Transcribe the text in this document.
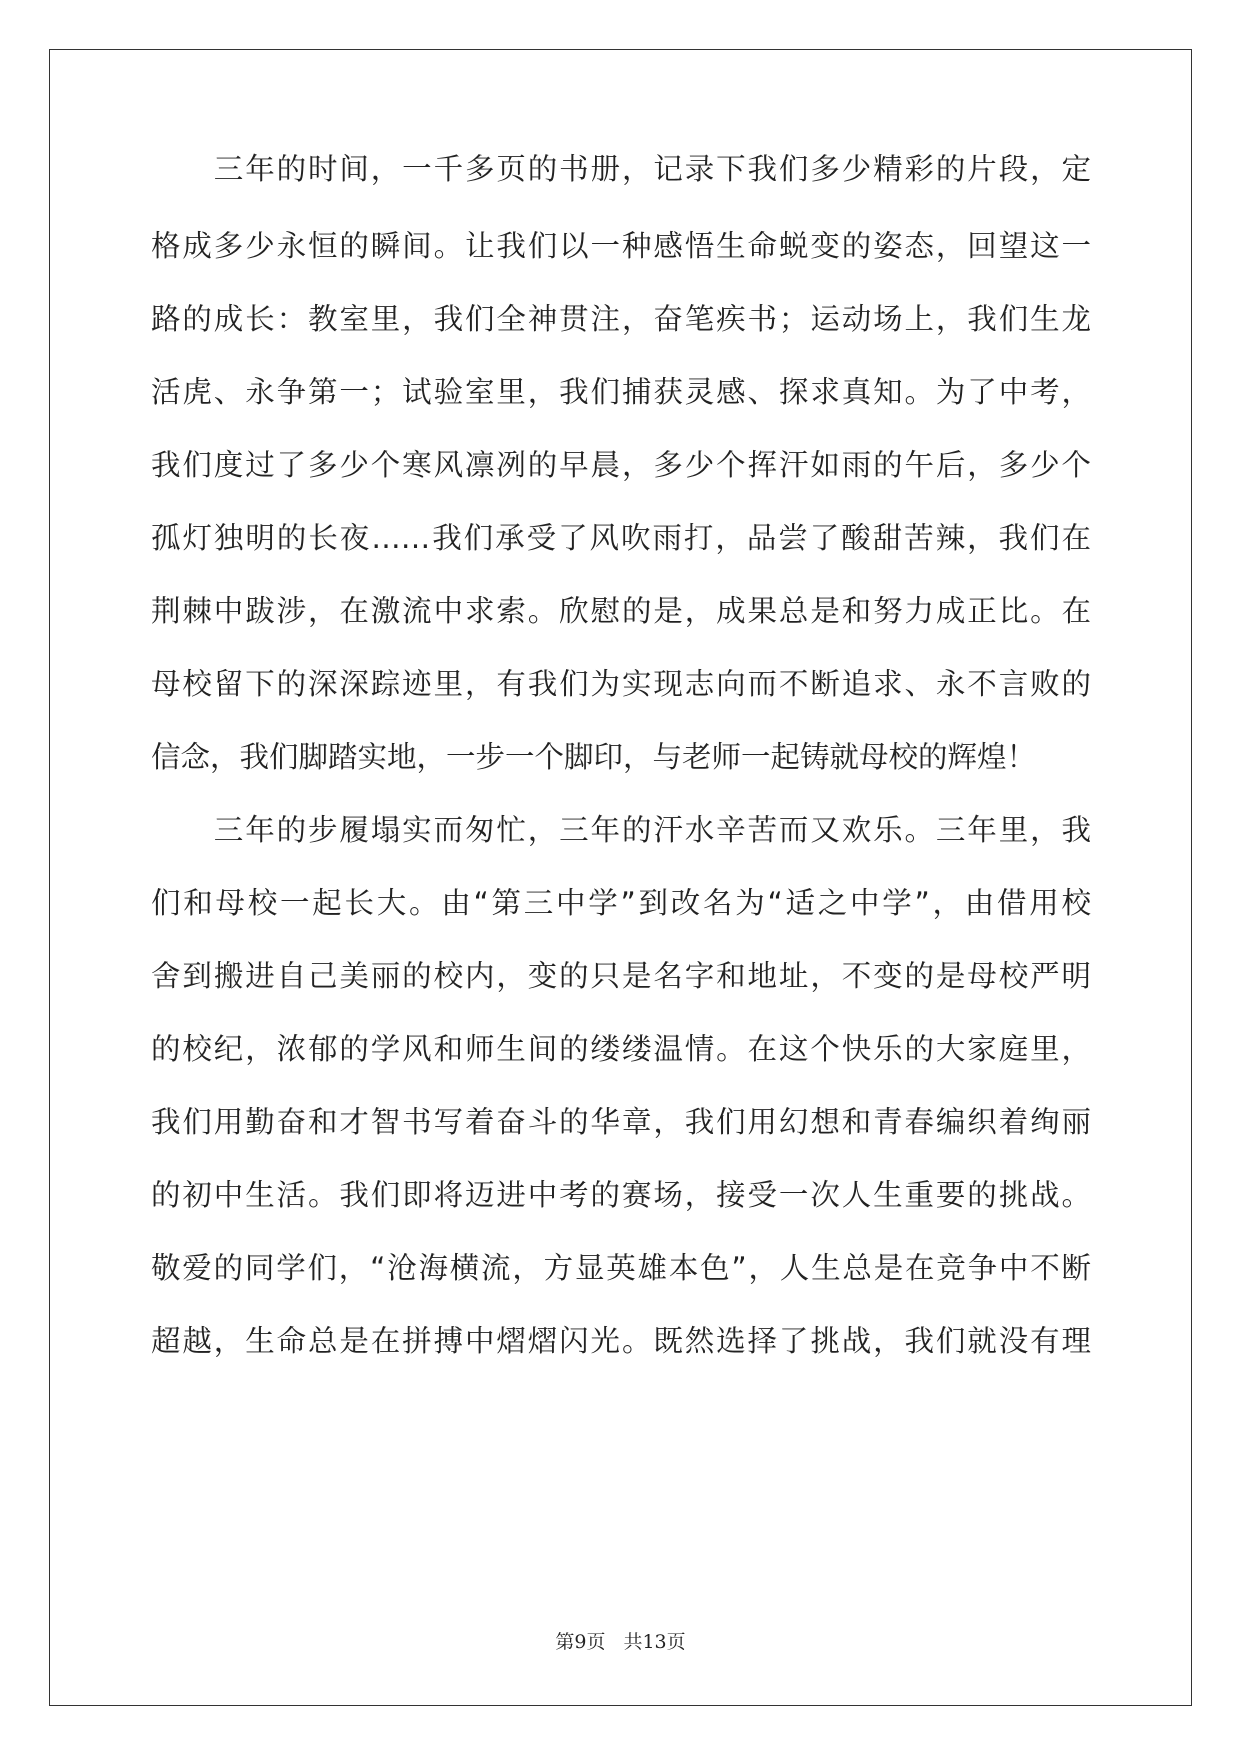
　　三年的时间，一千多页的书册，记录下我们多少精彩的片段，定
格成多少永恒的瞬间。让我们以一种感悟生命蜕变的姿态，回望这一
路的成长：教室里，我们全神贯注，奋笔疾书；运动场上，我们生龙
活虎、永争第一；试验室里，我们捕获灵感、探求真知。为了中考，
我们度过了多少个寒风凛冽的早晨，多少个挥汗如雨的午后，多少个
孤灯独明的长夜……我们承受了风吹雨打，品尝了酸甜苦辣，我们在
荆棘中跋涉，在激流中求索。欣慰的是，成果总是和努力成正比。在
母校留下的深深踪迹里，有我们为实现志向而不断追求、永不言败的
信念，我们脚踏实地，一步一个脚印，与老师一起铸就母校的辉煌！
　　三年的步履塌实而匆忙，三年的汗水辛苦而又欢乐。三年里，我
们和母校一起长大。由“第三中学”到改名为“适之中学”，由借用校
舍到搬进自己美丽的校内，变的只是名字和地址，不变的是母校严明
的校纪，浓郁的学风和师生间的缕缕温情。在这个快乐的大家庭里，
我们用勤奋和才智书写着奋斗的华章，我们用幻想和青春编织着绚丽
的初中生活。我们即将迈进中考的赛场，接受一次人生重要的挑战。
敬爱的同学们，“沧海横流，方显英雄本色”，人生总是在竞争中不断
超越，生命总是在拼搏中熠熠闪光。既然选择了挑战，我们就没有理
第9页 共13页
